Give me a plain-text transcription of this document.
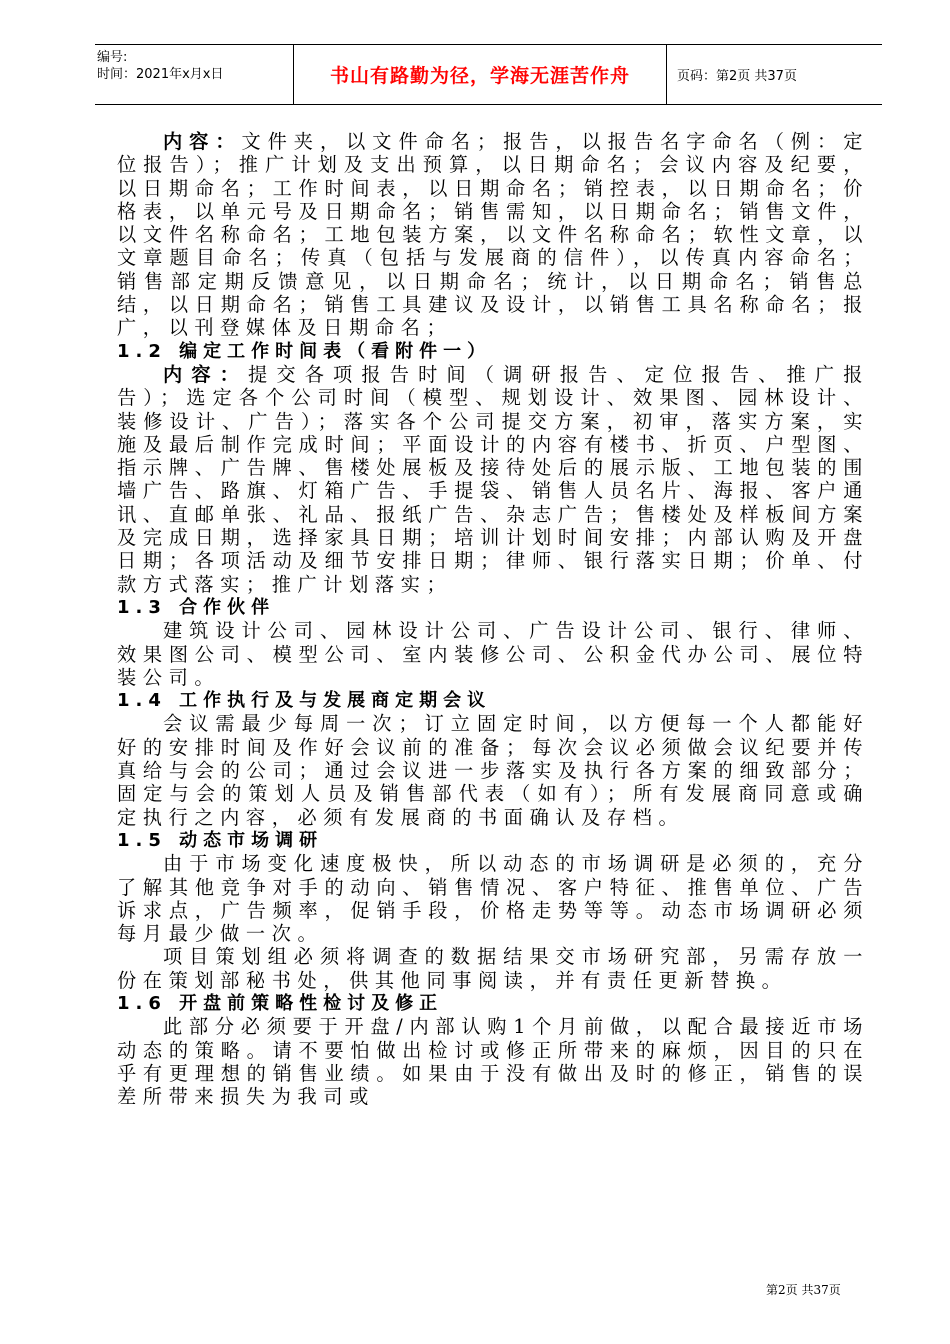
编号:
时间：2021年x月x日	书山有路勤为径，学海无涯苦作舟	页码：第2页 共37页

内容：文件夹，以文件命名；报告，以报告名字命名（例：定位报告）；推广计划及支出预算，以日期命名；会议内容及纪要，以日期命名；工作时间表，以日期命名；销控表，以日期命名；价格表，以单元号及日期命名；销售需知，以日期命名；销售文件，以文件名称命名；工地包装方案，以文件名称命名；软性文章，以文章题目命名；传真（包括与发展商的信件），以传真内容命名；销售部定期反馈意见，以日期命名；统计，以日期命名；销售总结，以日期命名；销售工具建议及设计，以销售工具名称命名；报广，以刊登媒体及日期命名；

1.2 编定工作时间表（看附件一）

内容：提交各项报告时间（调研报告、定位报告、推广报告）；选定各个公司时间（模型、规划设计、效果图、园林设计、装修设计、广告）；落实各个公司提交方案，初审，落实方案，实施及最后制作完成时间；平面设计的内容有楼书、折页、户型图、指示牌、广告牌、售楼处展板及接待处后的展示版、工地包装的围墙广告、路旗、灯箱广告、手提袋、销售人员名片、海报、客户通讯、直邮单张、礼品、报纸广告、杂志广告；售楼处及样板间方案及完成日期，选择家具日期；培训计划时间安排；内部认购及开盘日期；各项活动及细节安排日期；律师、银行落实日期；价单、付款方式落实；推广计划落实；

1.3 合作伙伴

建筑设计公司、园林设计公司、广告设计公司、银行、律师、效果图公司、模型公司、室内装修公司、公积金代办公司、展位特装公司。

1.4 工作执行及与发展商定期会议

会议需最少每周一次；订立固定时间，以方便每一个人都能好好的安排时间及作好会议前的准备；每次会议必须做会议纪要并传真给与会的公司；通过会议进一步落实及执行各方案的细致部分；固定与会的策划人员及销售部代表（如有）；所有发展商同意或确定执行之内容，必须有发展商的书面确认及存档。

1.5 动态市场调研

由于市场变化速度极快，所以动态的市场调研是必须的，充分了解其他竞争对手的动向、销售情况、客户特征、推售单位、广告诉求点，广告频率，促销手段，价格走势等等。动态市场调研必须每月最少做一次。

项目策划组必须将调查的数据结果交市场研究部，另需存放一份在策划部秘书处，供其他同事阅读，并有责任更新替换。

1.6 开盘前策略性检讨及修正

此部分必须要于开盘/内部认购1个月前做，以配合最接近市场动态的策略。请不要怕做出检讨或修正所带来的麻烦，因目的只在乎有更理想的销售业绩。如果由于没有做出及时的修正，销售的误差所带来损失为我司或

第2页 共37页
